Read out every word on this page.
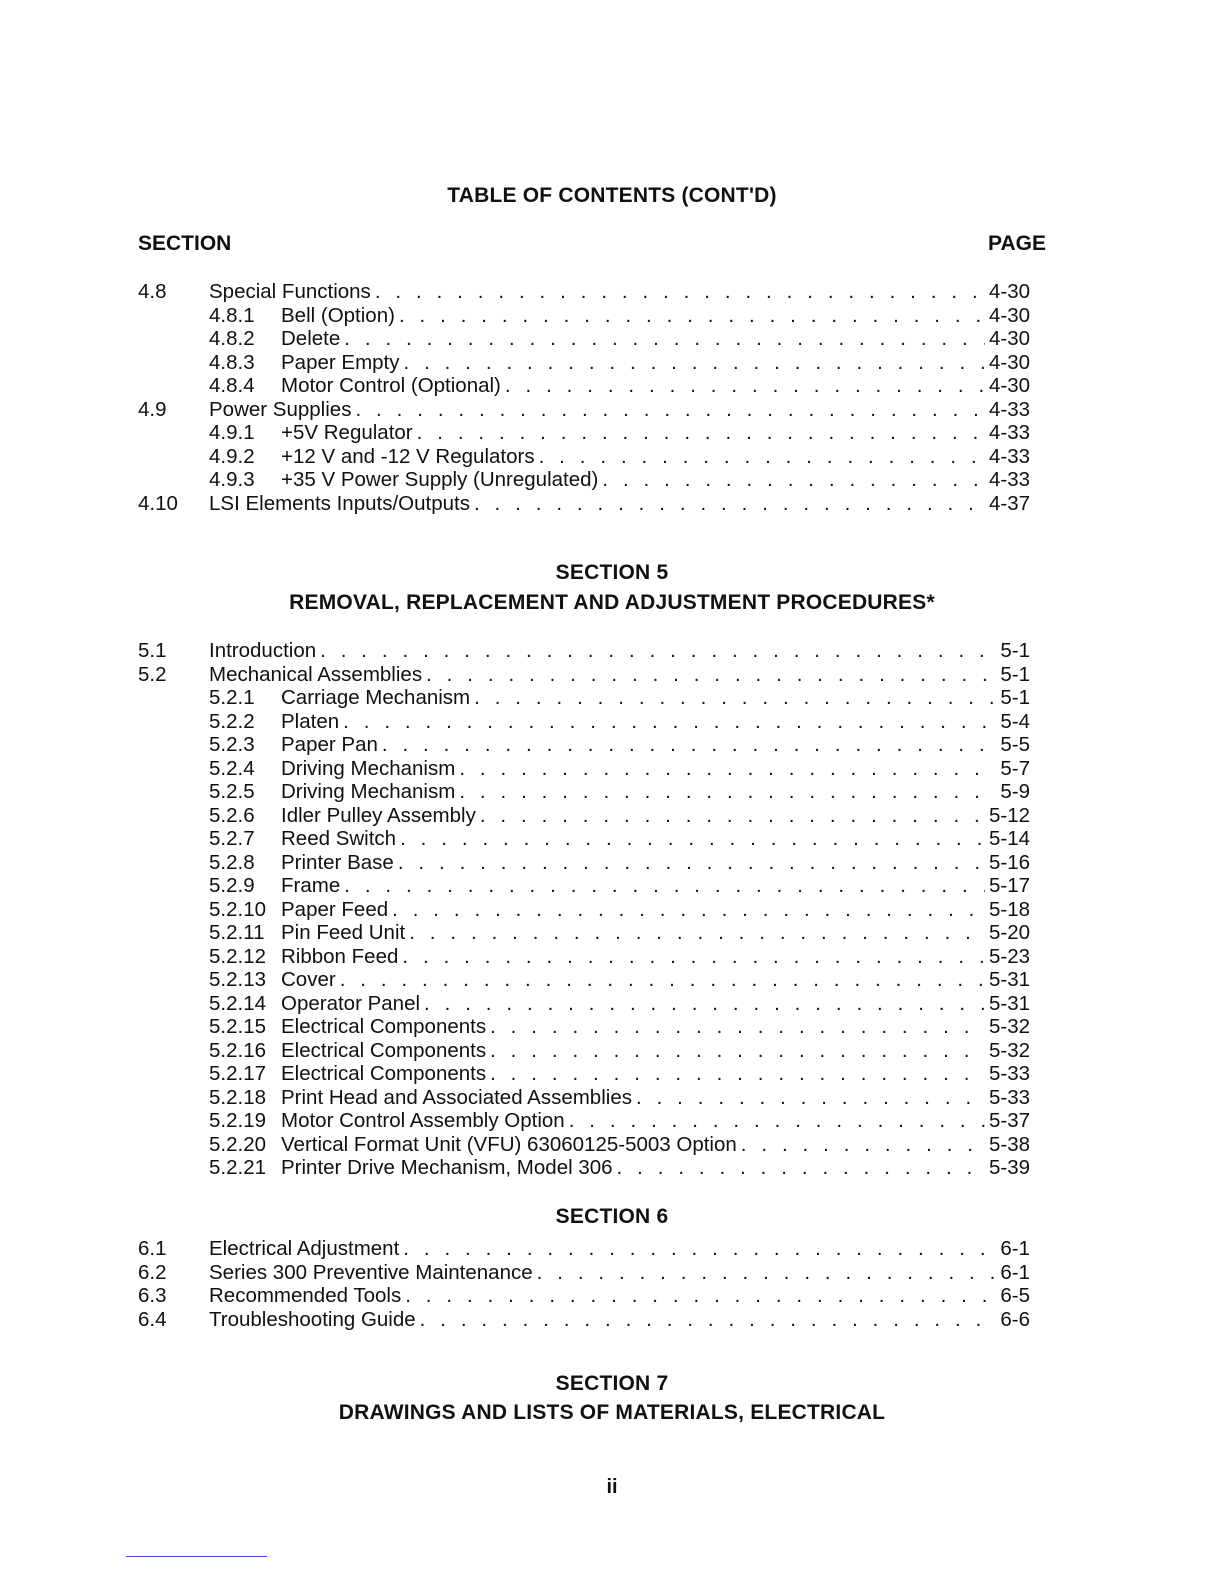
TABLE OF CONTENTS (CONT'D)
SECTION	PAGE
4.8	Special Functions . . .	4-30
4.8.1	Bell (Option) . . .	4-30
4.8.2	Delete . . .	4-30
4.8.3	Paper Empty . . .	4-30
4.8.4	Motor Control (Optional) . . .	4-30
4.9	Power Supplies . . .	4-33
4.9.1	+5V Regulator . . .	4-33
4.9.2	+12 V and -12 V Regulators . . .	4-33
4.9.3	+35 V Power Supply (Unregulated) . . .	4-33
4.10	LSI Elements Inputs/Outputs . . .	4-37
SECTION 5
REMOVAL, REPLACEMENT AND ADJUSTMENT PROCEDURES*
5.1	Introduction . . .	5-1
5.2	Mechanical Assemblies . . .	5-1
5.2.1	Carriage Mechanism . . .	5-1
5.2.2	Platen . . .	5-4
5.2.3	Paper Pan . . .	5-5
5.2.4	Driving Mechanism . . .	5-7
5.2.5	Driving Mechanism . . .	5-9
5.2.6	Idler Pulley Assembly . . .	5-12
5.2.7	Reed Switch . . .	5-14
5.2.8	Printer Base . . .	5-16
5.2.9	Frame . . .	5-17
5.2.10 Paper Feed . . .	5-18
5.2.11 Pin Feed Unit . . .	5-20
5.2.12 Ribbon Feed . . .	5-23
5.2.13 Cover . . .	5-31
5.2.14 Operator Panel . . .	5-31
5.2.15 Electrical Components . . .	5-32
5.2.16 Electrical Components . . .	5-32
5.2.17 Electrical Components . . .	5-33
5.2.18 Print Head and Associated Assemblies . . .	5-33
5.2.19 Motor Control Assembly Option . . .	5-37
5.2.20 Vertical Format Unit (VFU) 63060125-5003 Option . . .	5-38
5.2.21 Printer Drive Mechanism, Model 306 . . .	5-39
SECTION 6
6.1	Electrical Adjustment . . .	6-1
6.2	Series 300 Preventive Maintenance . . .	6-1
6.3	Recommended Tools . . .	6-5
6.4	Troubleshooting Guide . . .	6-6
SECTION 7
DRAWINGS AND LISTS OF MATERIALS, ELECTRICAL
ii
